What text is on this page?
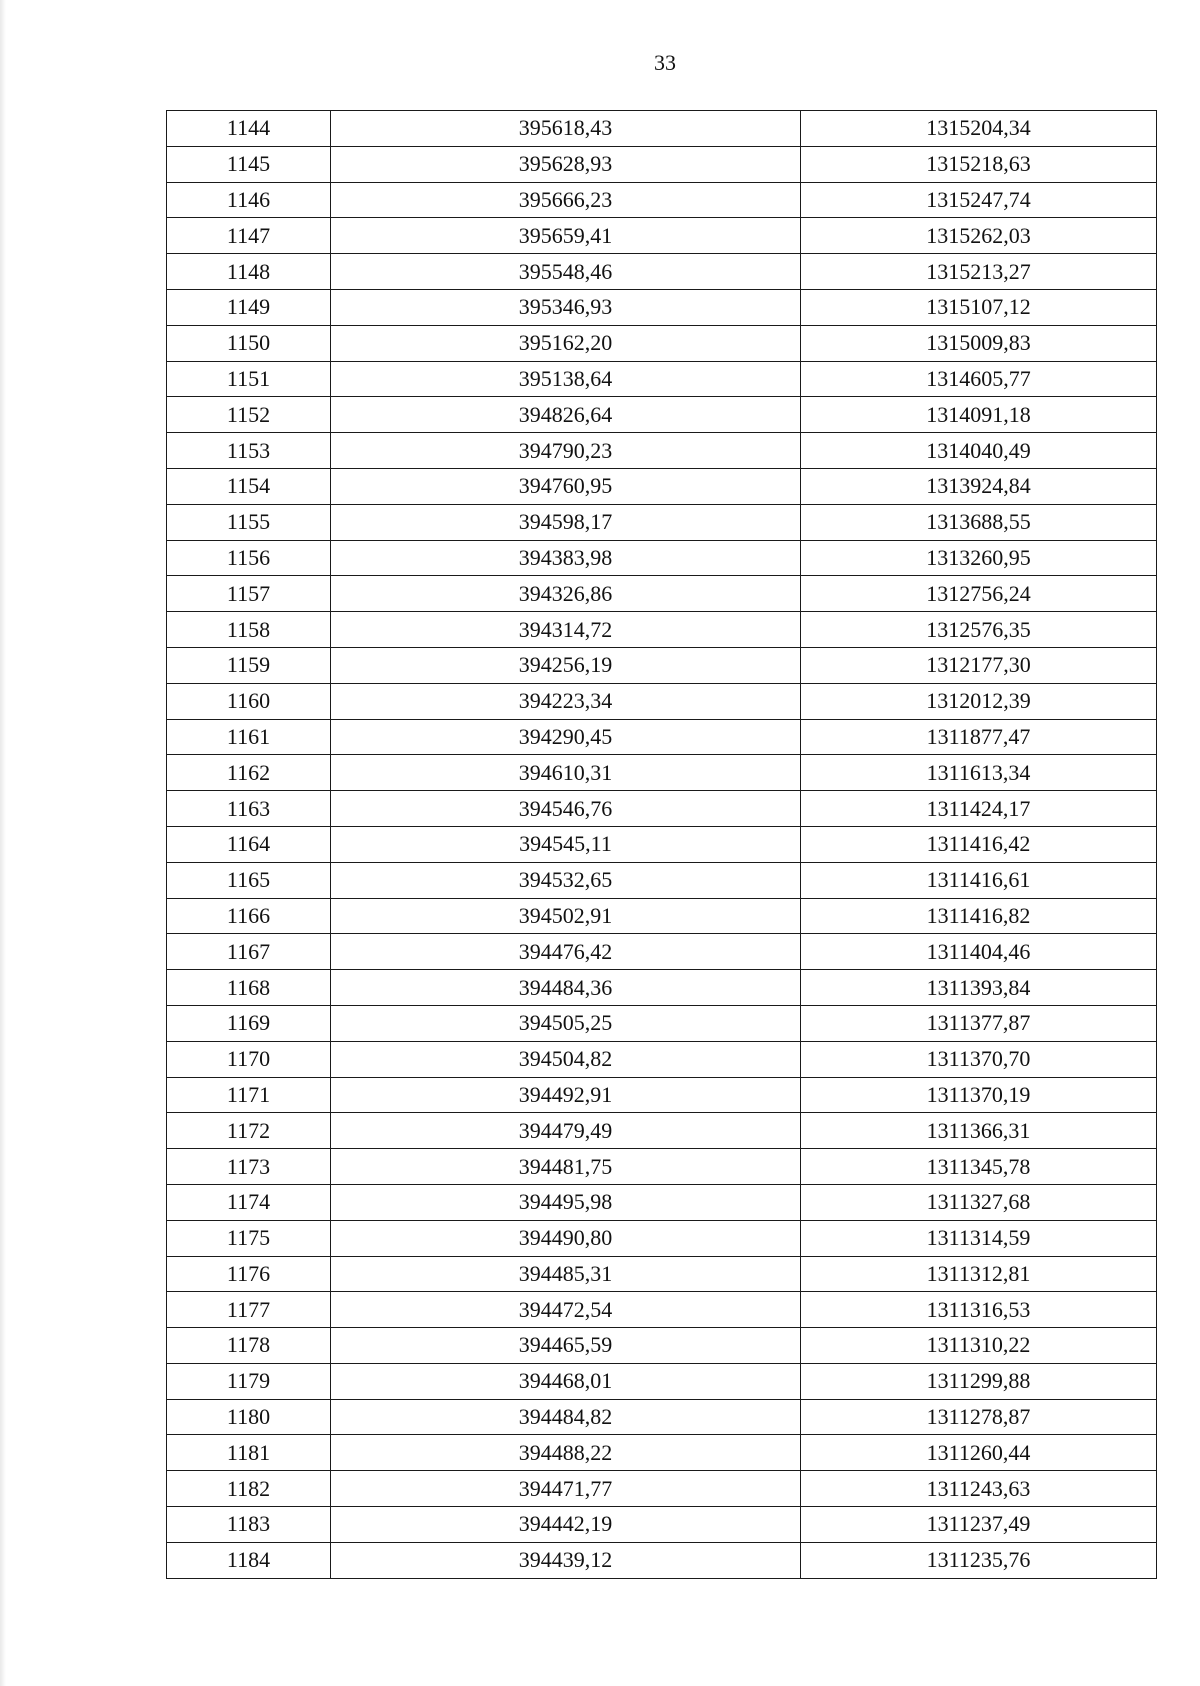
33
1144	395618,43	1315204,34
1145	395628,93	1315218,63
1146	395666,23	1315247,74
1147	395659,41	1315262,03
1148	395548,46	1315213,27
1149	395346,93	1315107,12
1150	395162,20	1315009,83
1151	395138,64	1314605,77
1152	394826,64	1314091,18
1153	394790,23	1314040,49
1154	394760,95	1313924,84
1155	394598,17	1313688,55
1156	394383,98	1313260,95
1157	394326,86	1312756,24
1158	394314,72	1312576,35
1159	394256,19	1312177,30
1160	394223,34	1312012,39
1161	394290,45	1311877,47
1162	394610,31	1311613,34
1163	394546,76	1311424,17
1164	394545,11	1311416,42
1165	394532,65	1311416,61
1166	394502,91	1311416,82
1167	394476,42	1311404,46
1168	394484,36	1311393,84
1169	394505,25	1311377,87
1170	394504,82	1311370,70
1171	394492,91	1311370,19
1172	394479,49	1311366,31
1173	394481,75	1311345,78
1174	394495,98	1311327,68
1175	394490,80	1311314,59
1176	394485,31	1311312,81
1177	394472,54	1311316,53
1178	394465,59	1311310,22
1179	394468,01	1311299,88
1180	394484,82	1311278,87
1181	394488,22	1311260,44
1182	394471,77	1311243,63
1183	394442,19	1311237,49
1184	394439,12	1311235,76
